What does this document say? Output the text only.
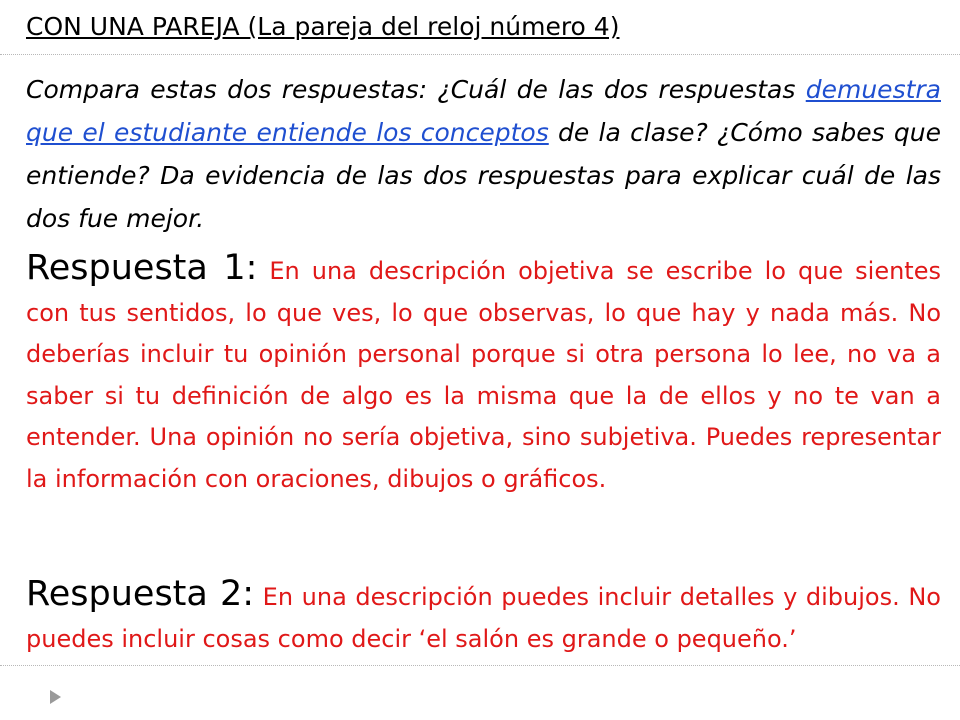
CON UNA PAREJA (La pareja del reloj número 4)
Compara estas dos respuestas: ¿Cuál de las dos respuestas demuestra que el estudiante entiende los conceptos de la clase? ¿Cómo sabes que entiende? Da evidencia de las dos respuestas para explicar cuál de las dos fue mejor.
Respuesta 1: En una descripción objetiva se escribe lo que sientes con tus sentidos, lo que ves, lo que observas, lo que hay y nada más. No deberías incluir tu opinión personal porque si otra persona lo lee, no va a saber si tu definición de algo es la misma que la de ellos y no te van a entender. Una opinión no sería objetiva, sino subjetiva. Puedes representar la información con oraciones, dibujos o gráficos.
Respuesta 2: En una descripción puedes incluir detalles y dibujos. No puedes incluir cosas como decir ‘el salón es grande o pequeño.’
